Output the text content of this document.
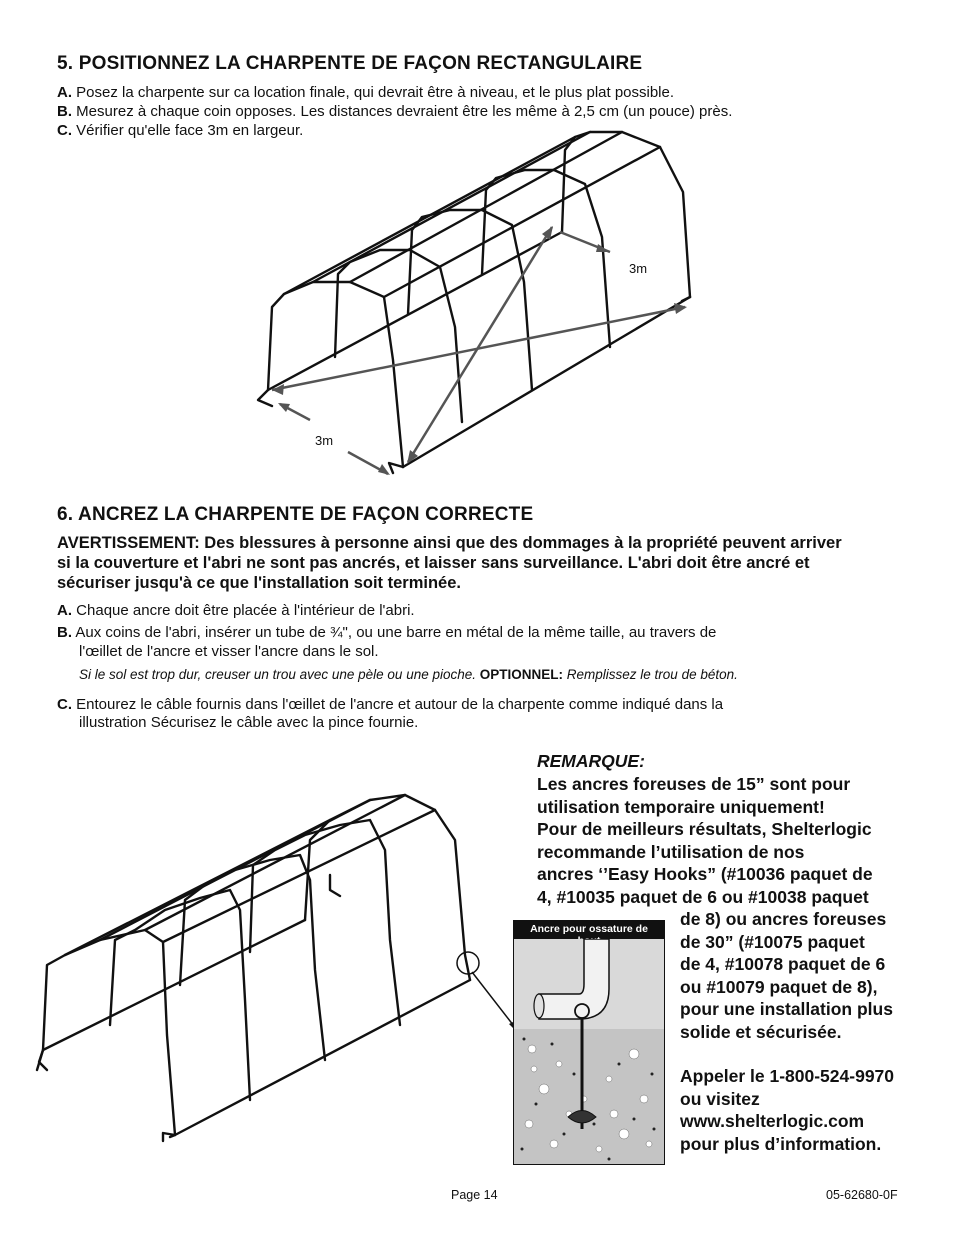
5. POSITIONNEZ LA CHARPENTE DE FAÇON RECTANGULAIRE
A. Posez la charpente sur ca location finale, qui devrait être à niveau, et le plus plat possible.
B. Mesurez à chaque coin opposes. Les distances devraient être les même à 2,5 cm (un pouce) près.
C. Vérifier qu'elle face 3m en largeur.
3m
3m
6. ANCREZ LA CHARPENTE DE FAÇON CORRECTE
AVERTISSEMENT: Des blessures à personne ainsi que des dommages à la propriété peuvent arriver si la couverture et l'abri ne sont pas ancrés, et laisser sans surveillance. L'abri doit être ancré et sécuriser jusqu'à ce que l'installation soit terminée.
A. Chaque ancre doit être placée à l'intérieur de l'abri.
B. Aux coins de l'abri, insérer un tube de ¾", ou une barre en métal de la même taille, au travers de
l'œillet de l'ancre et visser l'ancre dans le sol.
Si le sol est trop dur, creuser un trou avec une pèle ou une pioche. OPTIONNEL: Remplissez le trou de béton.
C. Entourez le câble fournis dans l'œillet de l'ancre et autour de la charpente comme indiqué dans la
illustration Sécurisez le câble avec la pince fournie.
Ancre pour ossature de
REMARQUE:
Les ancres foreuses de 15” sont pour
utilisation temporaire uniquement!
Pour de meilleurs résultats, Shelterlogic
recommande l’utilisation de nos
ancres ‘’Easy Hooks” (#10036 paquet de
4, #10035 paquet de 6 ou #10038 paquet
de 8) ou ancres foreuses
de 30” (#10075 paquet
de 4, #10078 paquet de 6
ou #10079 paquet de 8),
pour une installation plus
solide et sécurisée.
Appeler le 1-800-524-9970
ou visitez
www.shelterlogic.com
pour plus d’information.
Page 14	05-62680-0F
